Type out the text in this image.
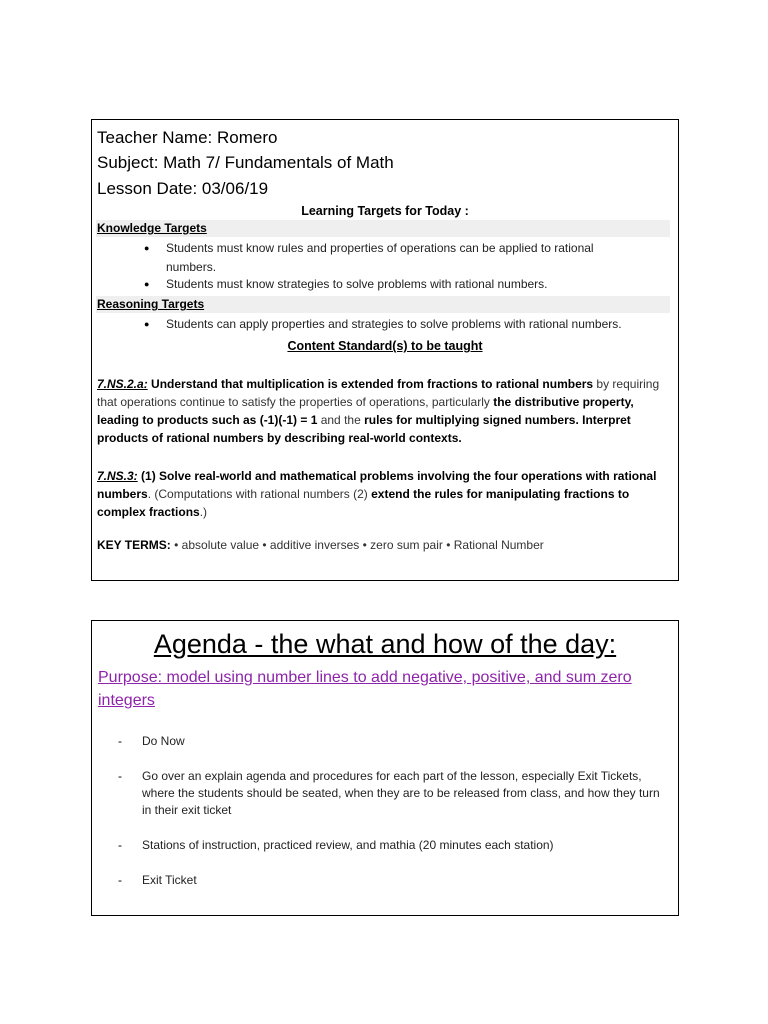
Teacher Name: Romero
Subject: Math 7/ Fundamentals of Math
Lesson Date: 03/06/19
Learning Targets for Today :
Knowledge Targets
●	Students must know rules and properties of operations can be applied to rational numbers.
●	Students must know strategies to solve problems with rational numbers.
Reasoning Targets
●	Students can apply properties and strategies to solve problems with rational numbers.
Content Standard(s) to be taught
7.NS.2.a: Understand that multiplication is extended from fractions to rational numbers by requiring that operations continue to satisfy the properties of operations, particularly the distributive property, leading to products such as (-1)(-1) = 1 and the rules for multiplying signed numbers. Interpret products of rational numbers by describing real-world contexts.
7.NS.3: (1) Solve real-world and mathematical problems involving the four operations with rational numbers. (Computations with rational numbers (2) extend the rules for manipulating fractions to complex fractions.)
KEY TERMS: • absolute value • additive inverses • zero sum pair • Rational Number
Agenda - the what and how of the day:
Purpose: model using number lines to add negative, positive, and sum zero integers
- Do Now
- Go over an explain agenda and procedures for each part of the lesson, especially Exit Tickets, where the students should be seated, when they are to be released from class, and how they turn in their exit ticket
- Stations of instruction, practiced review, and mathia (20 minutes each station)
- Exit Ticket
